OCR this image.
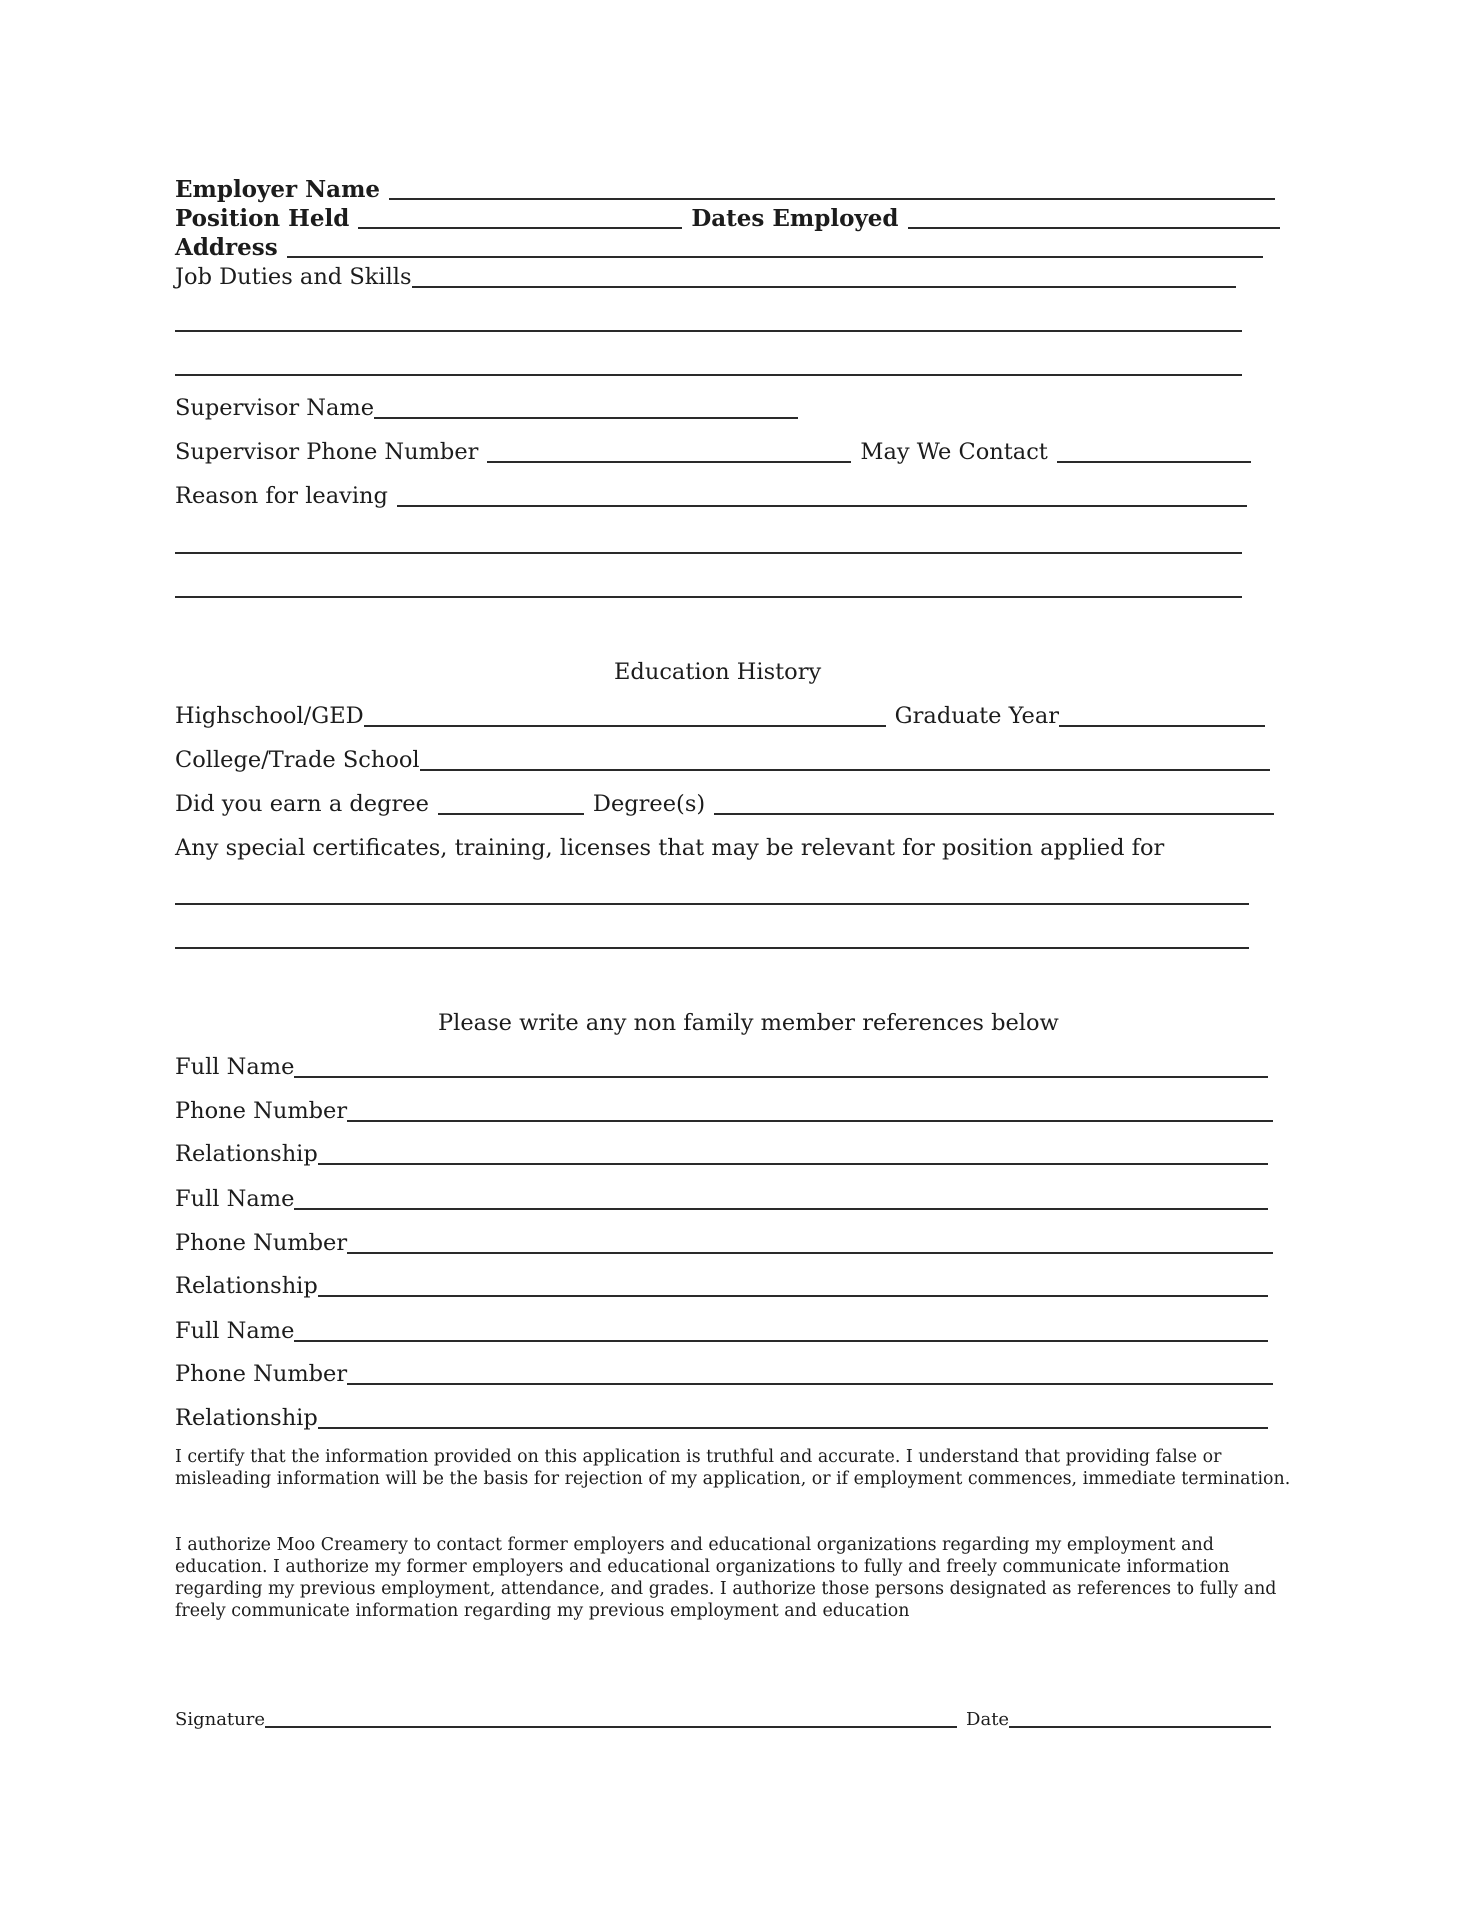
Employer Name
Position Held	Dates Employed
Address
Job Duties and Skills
Supervisor Name
Supervisor Phone Number	May We Contact
Reason for leaving
Education History
Highschool/GED	Graduate Year
College/Trade School
Did you earn a degree	Degree(s)
Any special certificates, training, licenses that may be relevant for position applied for
Please write any non family member references below
Full Name
Phone Number
Relationship
Full Name
Phone Number
Relationship
Full Name
Phone Number
Relationship
I certify that the information provided on this application is truthful and accurate. I understand that providing false or misleading information will be the basis for rejection of my application, or if employment commences, immediate termination.
I authorize Moo Creamery to contact former employers and educational organizations regarding my employment and education. I authorize my former employers and educational organizations to fully and freely communicate information regarding my previous employment, attendance, and grades. I authorize those persons designated as references to fully and freely communicate information regarding my previous employment and education
Signature	Date
